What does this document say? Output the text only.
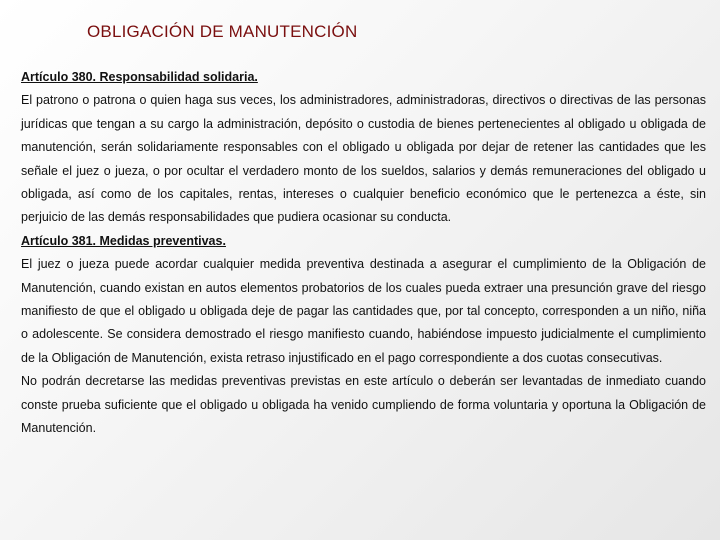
OBLIGACIÓN DE MANUTENCIÓN
Artículo 380. Responsabilidad solidaria.

El patrono o patrona o quien haga sus veces, los administradores, administradoras, directivos o directivas de las personas jurídicas que tengan a su cargo la administración, depósito o custodia de bienes pertenecientes al obligado u obligada de manutención, serán solidariamente responsables con el obligado u obligada por dejar de retener las cantidades que les señale el juez o jueza, o por ocultar el verdadero monto de los sueldos, salarios y demás remuneraciones del obligado u obligada, así como de los capitales, rentas, intereses o cualquier beneficio económico que le pertenezca a éste, sin perjuicio de las demás responsabilidades que pudiera ocasionar su conducta.

Artículo 381. Medidas preventivas.

El juez o jueza puede acordar cualquier medida preventiva destinada a asegurar el cumplimiento de la Obligación de Manutención, cuando existan en autos elementos probatorios de los cuales pueda extraer una presunción grave del riesgo manifiesto de que el obligado u obligada deje de pagar las cantidades que, por tal concepto, corresponden a un niño, niña o adolescente. Se considera demostrado el riesgo manifiesto cuando, habiéndose impuesto judicialmente el cumplimiento de la Obligación de Manutención, exista retraso injustificado en el pago correspondiente a dos cuotas consecutivas.

No podrán decretarse las medidas preventivas previstas en este artículo o deberán ser levantadas de inmediato cuando conste prueba suficiente que el obligado u obligada ha venido cumpliendo de forma voluntaria y oportuna la Obligación de Manutención.
